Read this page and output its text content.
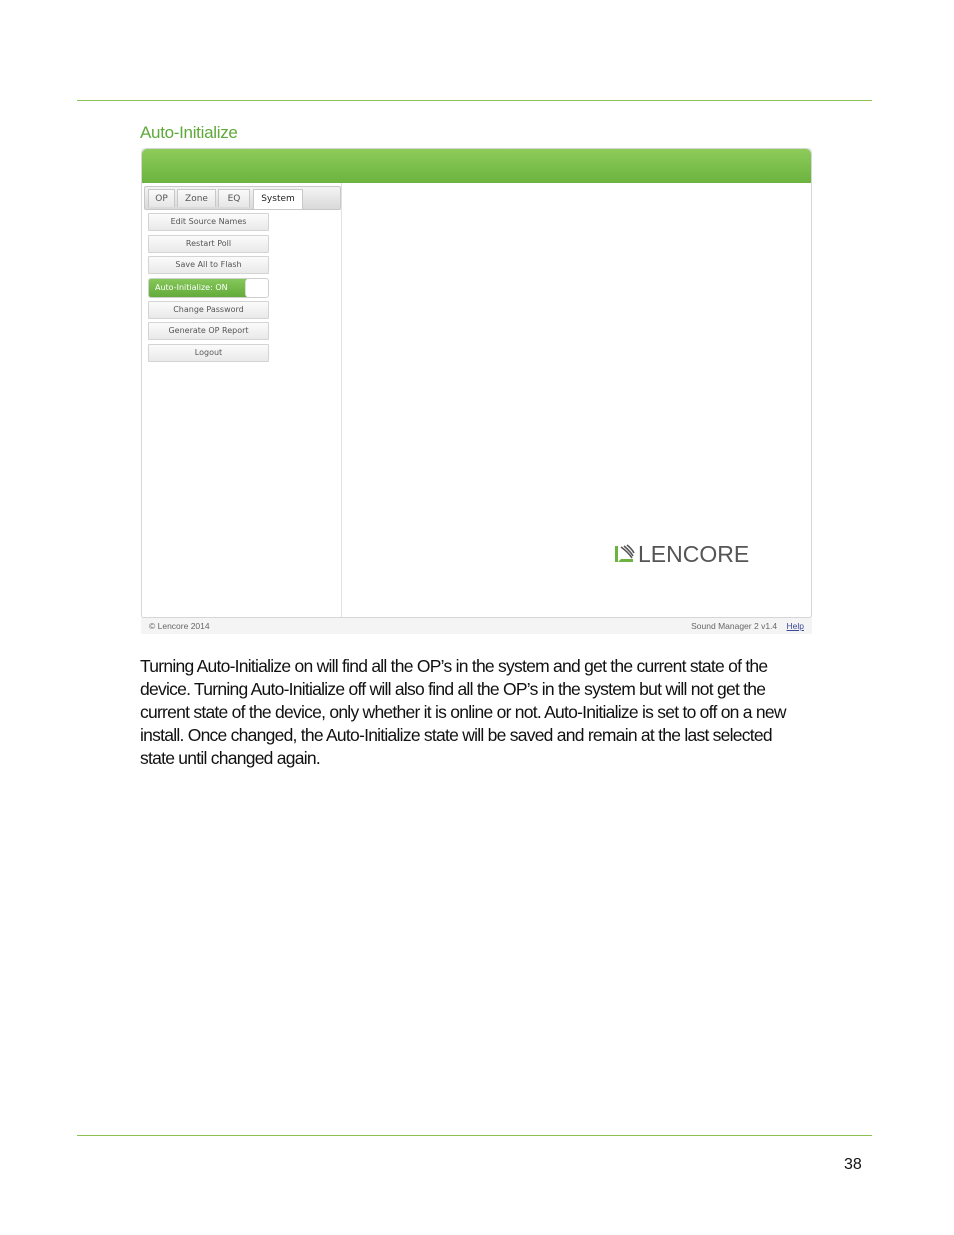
Auto-Initialize
OP	Zone	EQ	System
Edit Source Names
Restart Poll
Save All to Flash
Auto-Initialize: ON
Change Password
Generate OP Report
Logout
LENCORE
© Lencore 2014	Sound Manager 2 v1.4 Help

Turning Auto-Initialize on will find all the OP’s in the system and get the current state of the device. Turning Auto-Initialize off will also find all the OP’s in the system but will not get the current state of the device, only whether it is online or not. Auto-Initialize is set to off on a new install. Once changed, the Auto-Initialize state will be saved and remain at the last selected state until changed again.

38
